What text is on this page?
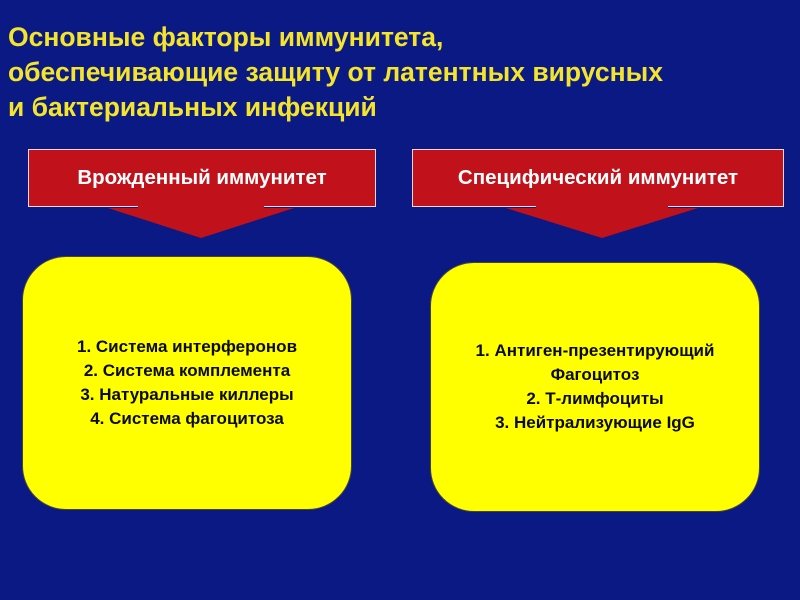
Основные факторы иммунитета,
обеспечивающие защиту от латентных вирусных
и бактериальных инфекций
Врожденный иммунитет	Специфический иммунитет
1. Система интерферонов
2. Система комплемента
3. Натуральные киллеры
4. Система фагоцитоза
1. Антиген-презентирующий
Фагоцитоз
2. Т-лимфоциты
3. Нейтрализующие IgG
